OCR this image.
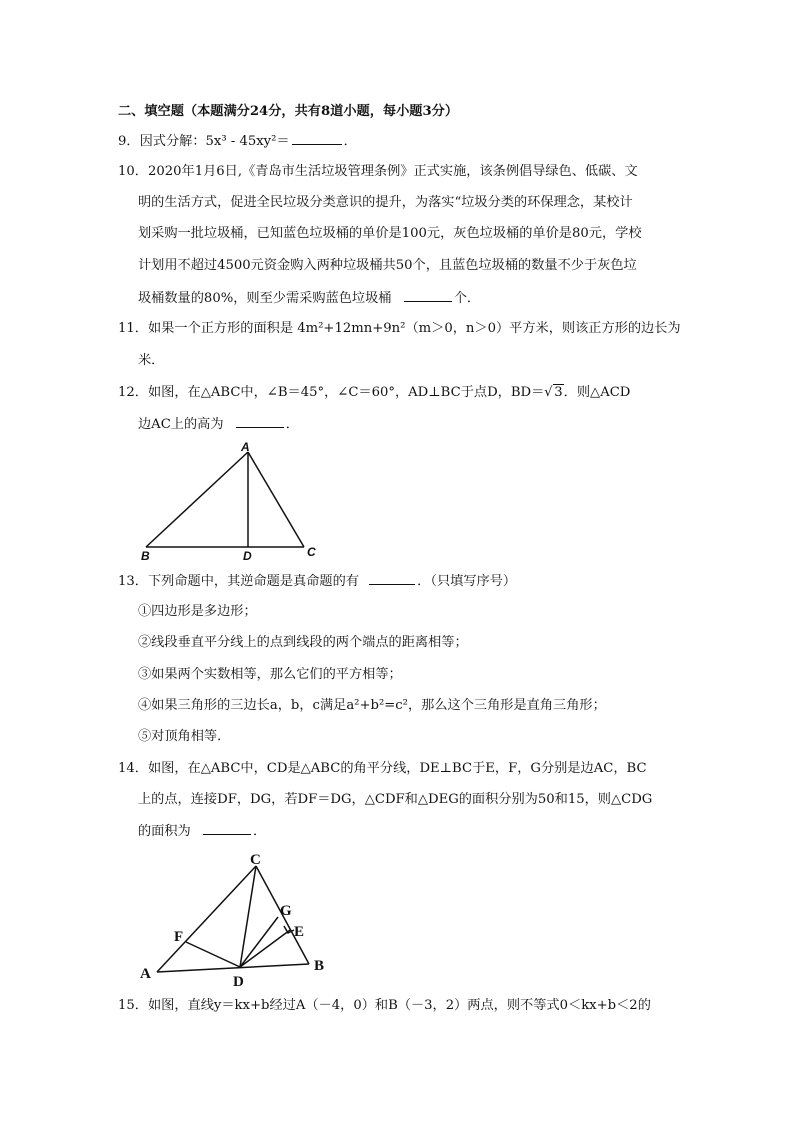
二、填空题（本题满分24分，共有8道小题，每小题3分）
9．因式分解：5x³ - 45xy²＝	．
10．2020年1月6日,《青岛市生活垃圾管理条例》正式实施，该条例倡导绿色、低碳、文
明的生活方式，促进全民垃圾分类意识的提升，为落实“垃圾分类的环保理念，某校计
划采购一批垃圾桶，已知蓝色垃圾桶的单价是100元，灰色垃圾桶的单价是80元，学校
计划用不超过4500元资金购入两种垃圾桶共50个，且蓝色垃圾桶的数量不少于灰色垃
圾桶数量的80%，则至少需采购蓝色垃圾桶	个．
11．如果一个正方形的面积是 4m²+12mn+9n²（m＞0，n＞0）平方米，则该正方形的边长为
米．
12．如图，在△ABC中，∠B＝45°，∠C＝60°，AD⊥BC于点D，BD＝ √ 3．则△ACD
边AC上的高为	．
A
B	D	C
13．下列命题中，其逆命题是真命题的有	．（只填写序号）
①四边形是多边形；
②线段垂直平分线上的点到线段的两个端点的距离相等；
③如果两个实数相等，那么它们的平方相等；
④如果三角形的三边长a，b，c满足a²+b²=c²，那么这个三角形是直角三角形；
⑤对顶角相等．
14．如图，在△ABC中，CD是△ABC的角平分线，DE⊥BC于E，F，G分别是边AC，BC
上的点，连接DF，DG，若DF＝DG，△CDF和△DEG的面积分别为50和15，则△CDG
的面积为	．
C
F
G
E
A	D
B
15．如图，直线y＝kx+b经过A（－4，0）和B（－3，2）两点，则不等式0＜kx+b＜2的
